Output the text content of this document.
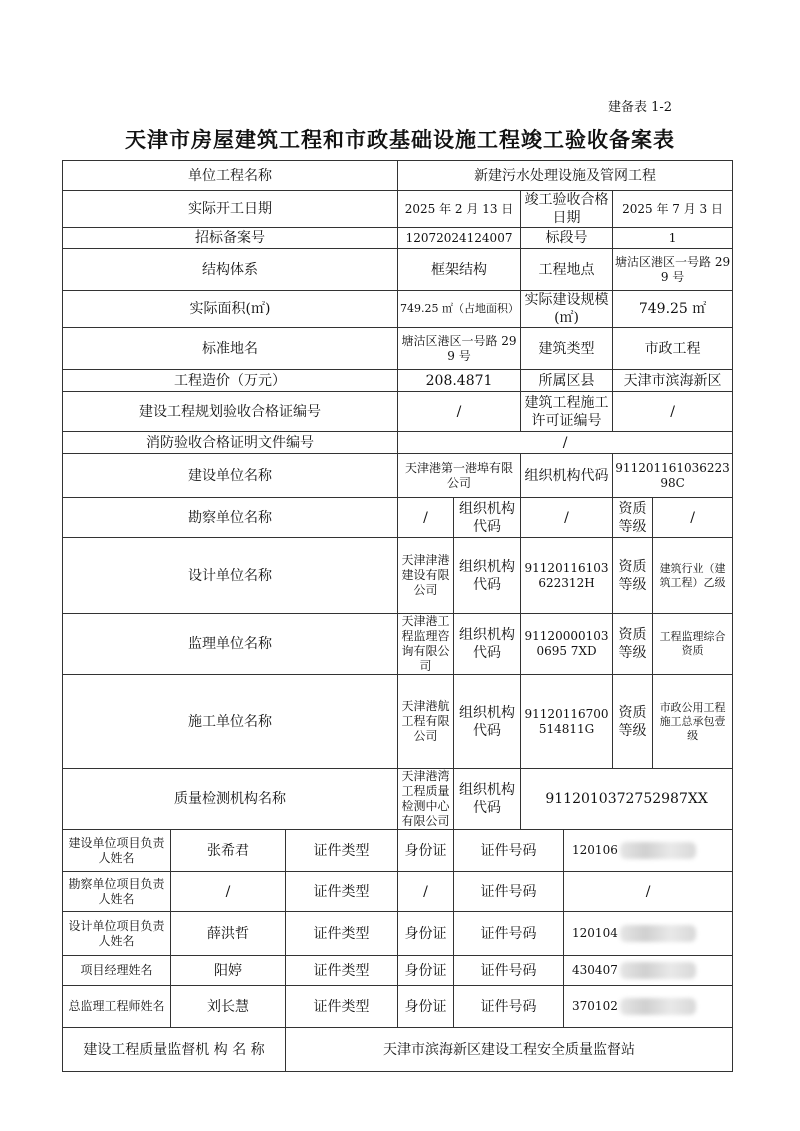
建备表 1-2
天津市房屋建筑工程和市政基础设施工程竣工验收备案表
单位工程名称			新建污水处理设施及管网工程					
实际开工日期			2025 年 2 月 13 日		竣工验收合格日期		2025 年 7 月 3 日	
招标备案号			12072024124007		标段号		1	
结构体系			框架结构		工程地点		塘沽区港区一号路 299 号	
实际面积(㎡)			749.25 ㎡（占地面积）		实际建设规模(㎡)		749.25 ㎡	
标准地名			塘沽区港区一号路 299 号		建筑类型		市政工程	
工程造价（万元）			208.4871		所属区县		天津市滨海新区	
建设工程规划验收合格证编号			/		建筑工程施工许可证编号		/	
消防验收合格证明文件编号			/					
建设单位名称			天津港第一港埠有限公司		组织机构代码		91120116103622398C	
勘察单位名称			/	组织机构代码	/		资质等级	/
设计单位名称			天津津港建设有限公司	组织机构代码	91120116103622312H		资质等级	建筑行业（建筑工程）乙级
监理单位名称			天津港工程监理咨询有限公司	组织机构代码	911200001030695 7XD		资质等级	工程监理综合资质
施工单位名称			天津港航工程有限公司	组织机构代码	91120116700514811G		资质等级	市政公用工程施工总承包壹级
质量检测机构名称			天津港湾工程质量检测中心有限公司	组织机构代码	9112010372752987XX			
建设单位项目负责人姓名	张希君	证件类型	身份证	证件号码		120106		
勘察单位项目负责人姓名	/	证件类型	/	证件号码		/		
设计单位项目负责人姓名	薛洪哲	证件类型	身份证	证件号码		120104		
项目经理姓名	阳婷	证件类型	身份证	证件号码		430407		
总监理工程师姓名	刘长慧	证件类型	身份证	证件号码		370102		
建设工程质量监督机 构 名 称		天津市滨海新区建设工程安全质量监督站						
